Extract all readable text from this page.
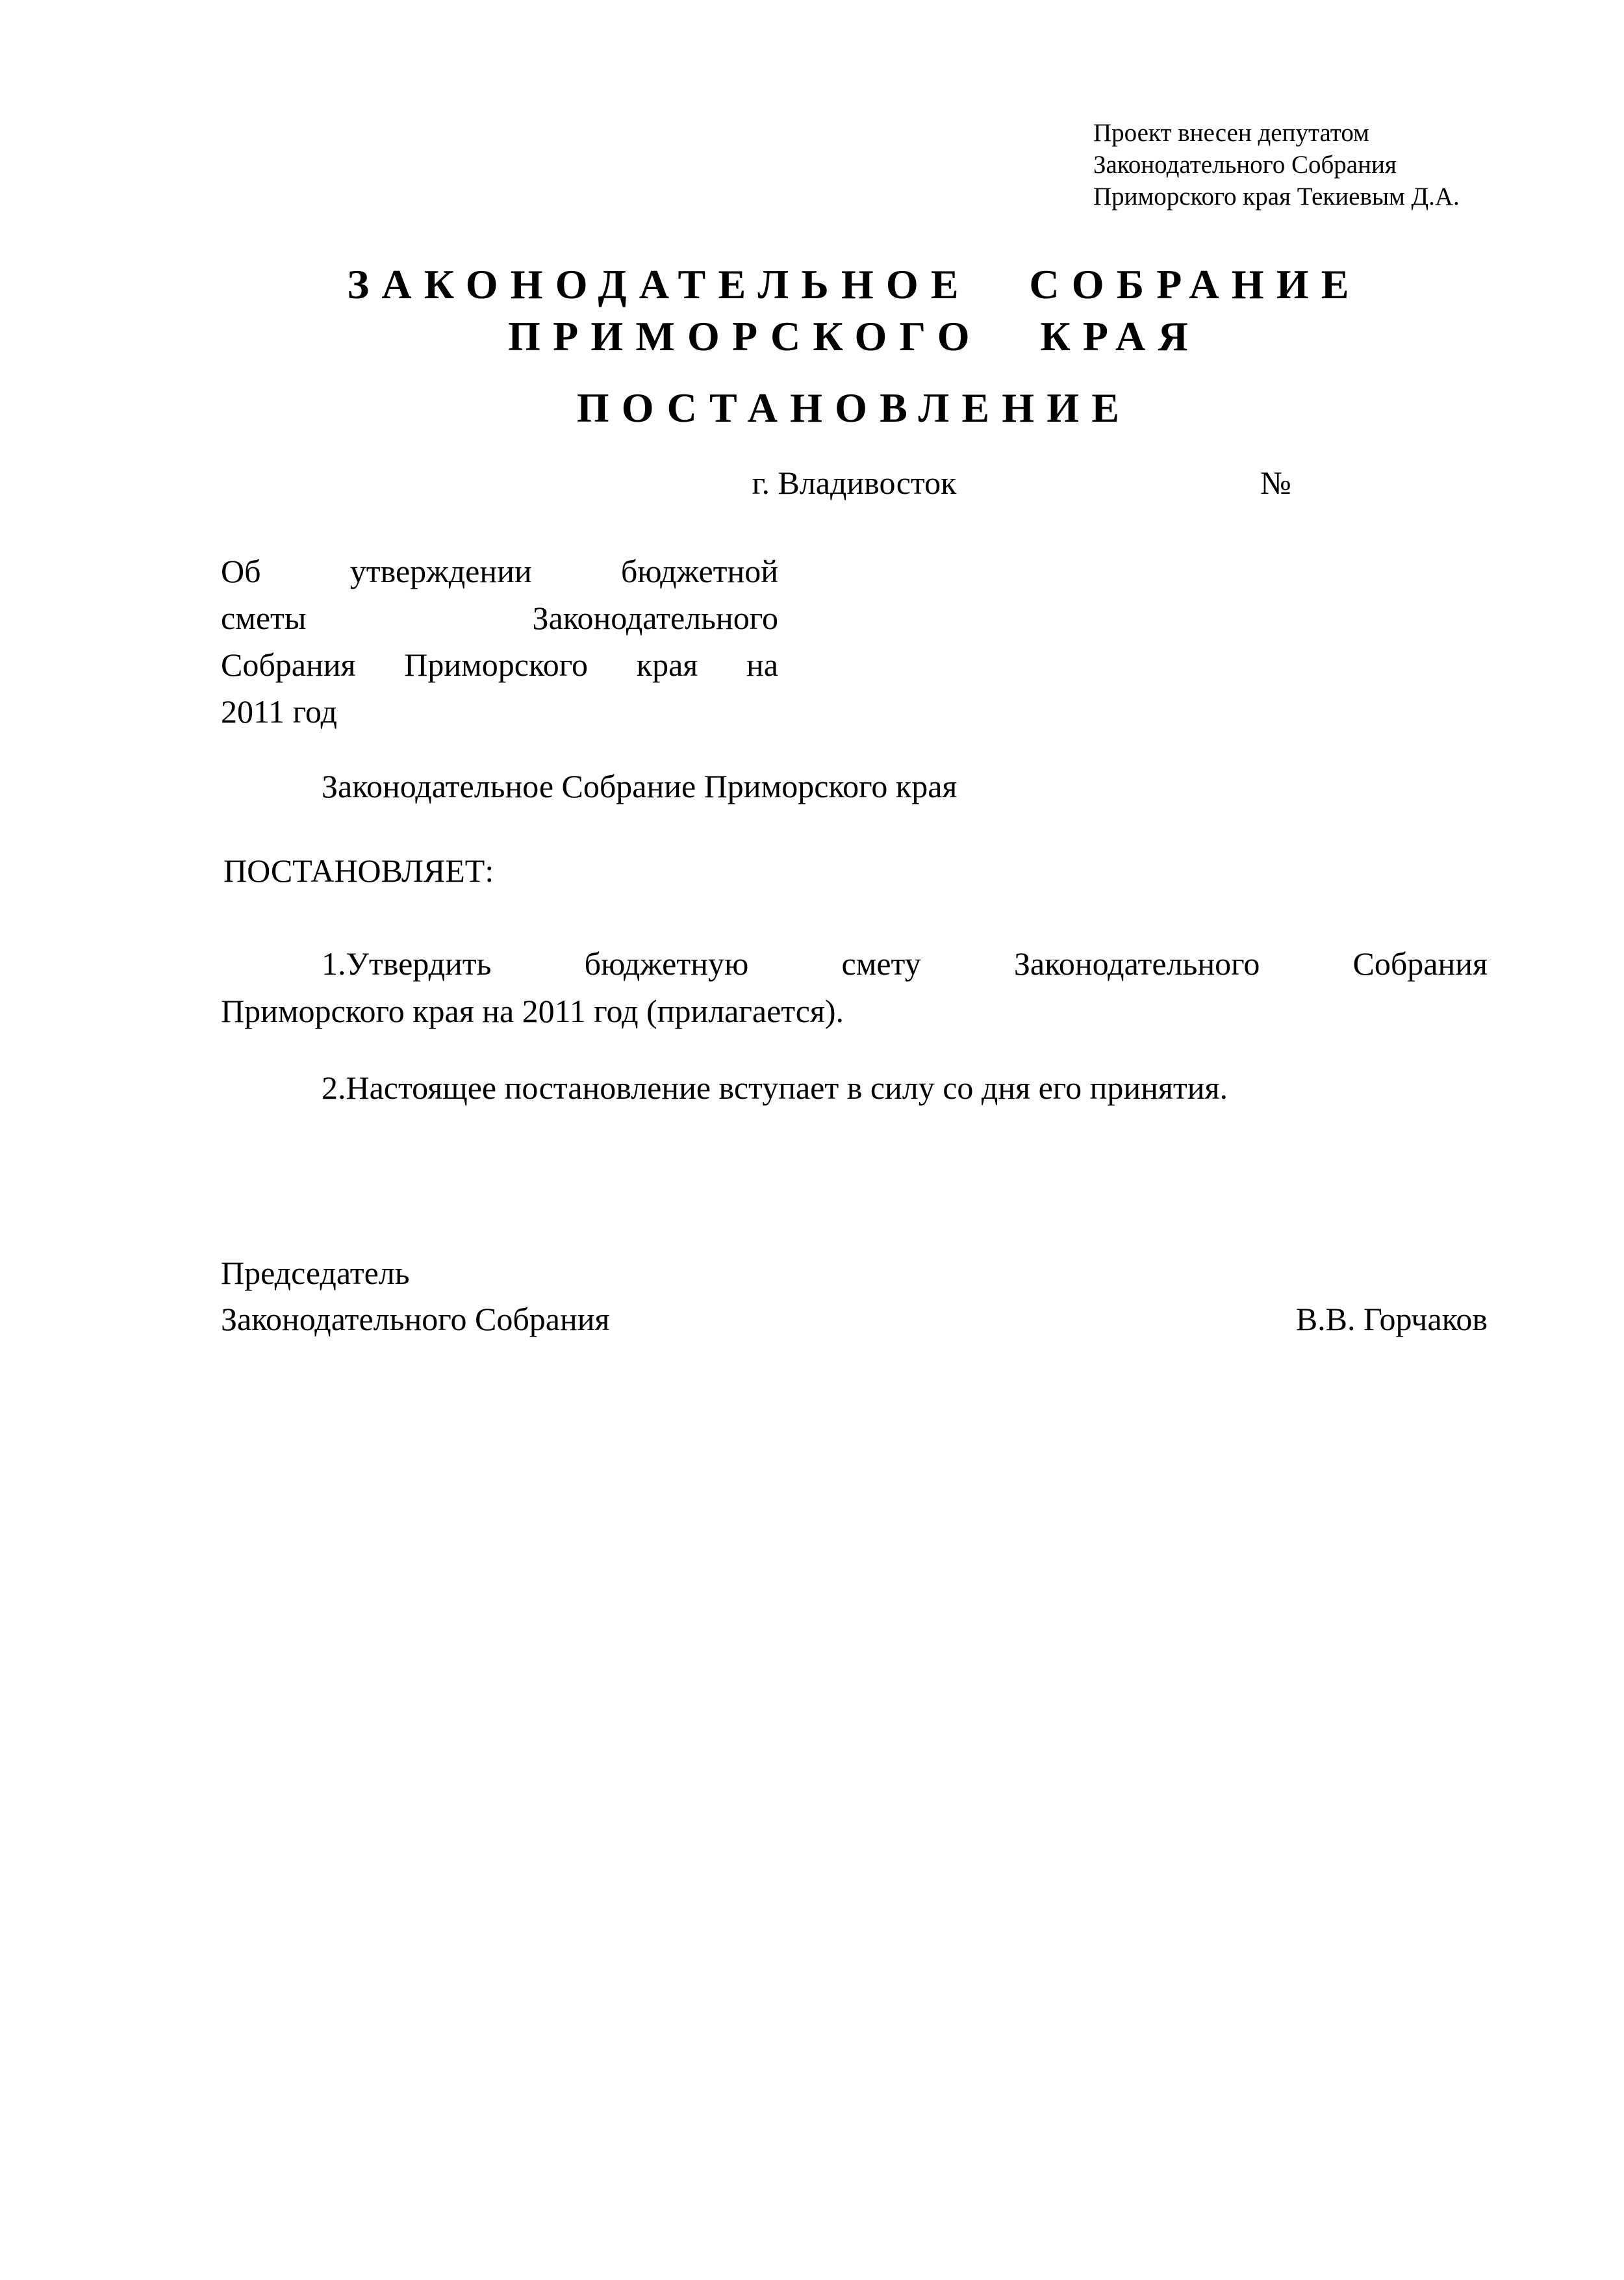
Проект внесен депутатом
Законодательного Собрания
Приморского края Текиевым Д.А.
ЗАКОНОДАТЕЛЬНОЕ СОБРАНИЕ
ПРИМОРСКОГО КРАЯ
ПОСТАНОВЛЕНИЕ
г. Владивосток	№
Об утверждении бюджетной
сметы Законодательного
Собрания Приморского края на
2011 год
Законодательное Собрание Приморского края
ПОСТАНОВЛЯЕТ:
1.Утвердить бюджетную смету Законодательного Собрания
Приморского края на 2011 год (прилагается).
2.Настоящее постановление вступает в силу со дня его принятия.
Председатель
Законодательного Собрания	В.В. Горчаков
